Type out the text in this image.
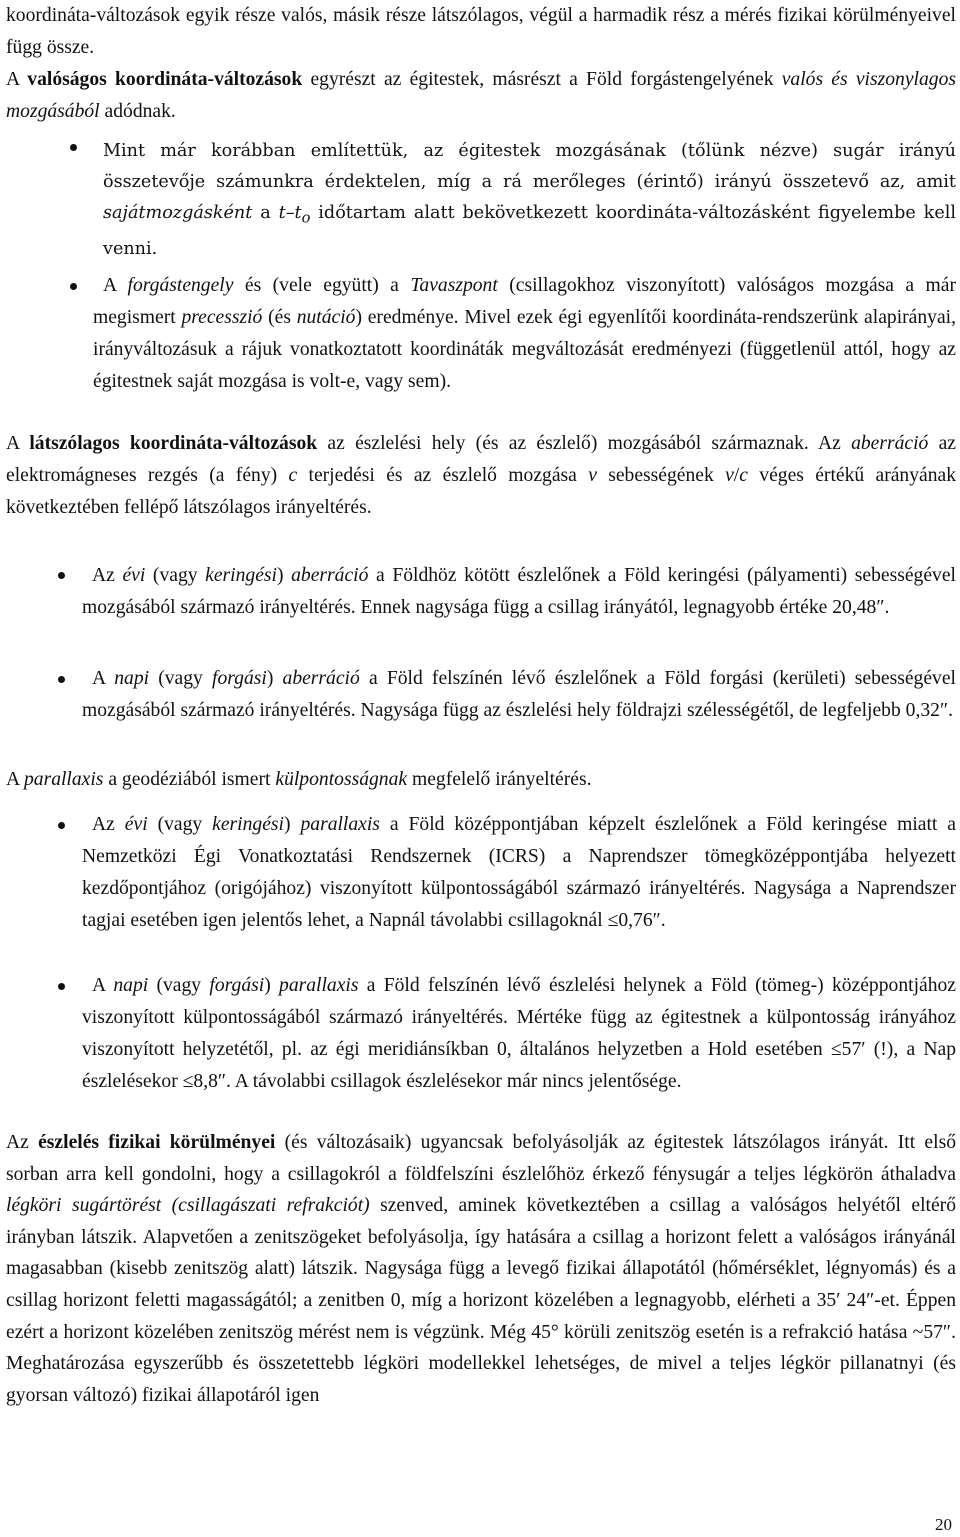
koordináta-változások egyik része valós, másik része látszólagos, végül a harmadik rész a mérés fizikai körülményeivel függ össze.

A valóságos koordináta-változások egyrészt az égitestek, másrészt a Föld forgástengelyének valós és viszonylagos mozgásából adódnak.

Mint már korábban említettük, az égitestek mozgásának (tőlünk nézve) sugár irányú összetevője számunkra érdektelen, míg a rá merőleges (érintő) irányú összetevő az, amit sajátmozgásként a $t-t_o$ időtartam alatt bekövetkezett koordináta-változásként figyelembe kell venni.

A forgástengely és (vele együtt) a Tavaszpont (csillagokhoz viszonyított) valóságos mozgása a már megismert precesszió (és nutáció) eredménye. Mivel ezek égi egyenlítői koordináta-rendszerünk alapirányai, irányváltozásuk a rájuk vonatkoztatott koordináták megváltozását eredményezi (függetlenül attól, hogy az égitestnek saját mozgása is volt-e, vagy sem).

A látszólagos koordináta-változások az észlelési hely (és az észlelő) mozgásából származnak. Az aberráció az elektromágneses rezgés (a fény) c terjedési és az észlelő mozgása v sebességének v/c véges értékű arányának következtében fellépő látszólagos irányeltérés.

Az évi (vagy keringési) aberráció a Földhöz kötött észlelőnek a Föld keringési (pályamenti) sebességével mozgásából származó irányeltérés. Ennek nagysága függ a csillag irányától, legnagyobb értéke 20,48″.

A napi (vagy forgási) aberráció a Föld felszínén lévő észlelőnek a Föld forgási (kerületi) sebességével mozgásából származó irányeltérés. Nagysága függ az észlelési hely földrajzi szélességétől, de legfeljebb 0,32″.

A parallaxis a geodéziából ismert külpontosságnak megfelelő irányeltérés.

Az évi (vagy keringési) parallaxis a Föld középpontjában képzelt észlelőnek a Föld keringése miatt a Nemzetközi Égi Vonatkoztatási Rendszernek (ICRS) a Naprendszer tömegközéppontjába helyezett kezdőpontjához (origójához) viszonyított külpontosságából származó irányeltérés. Nagysága a Naprendszer tagjai esetében igen jelentős lehet, a Napnál távolabbi csillagoknál ≤0,76″.

A napi (vagy forgási) parallaxis a Föld felszínén lévő észlelési helynek a Föld (tömeg-) középpontjához viszonyított külpontosságából származó irányeltérés. Mértéke függ az égitestnek a külpontosság irányához viszonyított helyzetétől, pl. az égi meridiánsíkban 0, általános helyzetben a Hold esetében ≤57′ (!), a Nap észlelésekor ≤8,8″. A távolabbi csillagok észlelésekor már nincs jelentősége.

Az észlelés fizikai körülményei (és változásaik) ugyancsak befolyásolják az égitestek látszólagos irányát. Itt első sorban arra kell gondolni, hogy a csillagokról a földfelszíni észlelőhöz érkező fénysugár a teljes légkörön áthaladva légköri sugártörést (csillagászati refrakciót) szenved, aminek következtében a csillag a valóságos helyétől eltérő irányban látszik. Alapvetően a zenitszögeket befolyásolja, így hatására a csillag a horizont felett a valóságos irányánál magasabban (kisebb zenitszög alatt) látszik. Nagysága függ a levegő fizikai állapotától (hőmérséklet, légnyomás) és a csillag horizont feletti magasságától; a zenitben 0, míg a horizont közelében a legnagyobb, elérheti a 35′ 24″-et. Éppen ezért a horizont közelében zenitszög mérést nem is végzünk. Még 45° körüli zenitszög esetén is a refrakció hatása ~57″. Meghatározása egyszerűbb és összetettebb légköri modellekkel lehetséges, de mivel a teljes légkör pillanatnyi (és gyorsan változó) fizikai állapotáról igen

20
